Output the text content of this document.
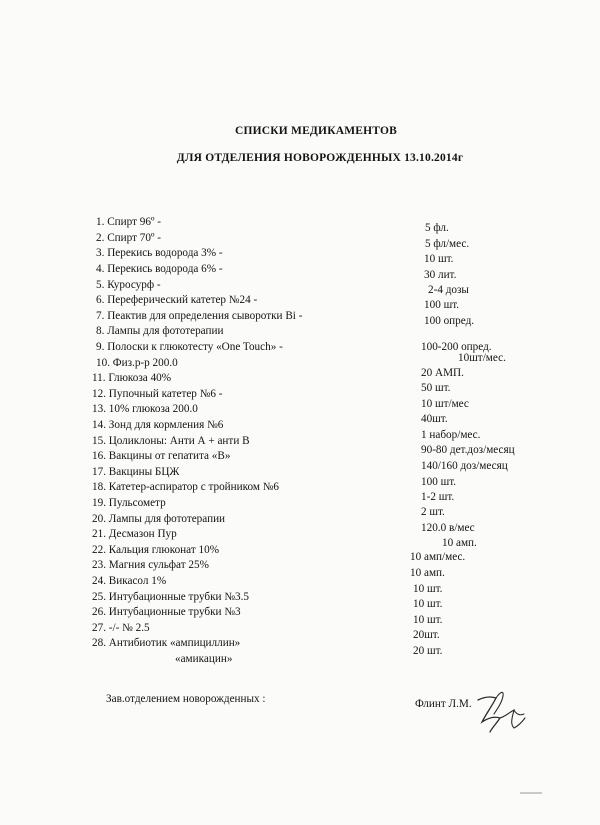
СПИСКИ МЕДИКАМЕНТОВ
ДЛЯ ОТДЕЛЕНИЯ НОВОРОЖДЕННЫХ 13.10.2014г
1. Спирт 96º -
2. Спирт 70º -
3. Перекись водорода 3% -
4. Перекись водорода 6% -
5. Куросурф -
6. Переферический катетер №24 -
7. Пеактив для определения сыворотки Bi -
8. Лампы для фототерапии
9. Полоски к глюкотесту «One Touch» -
10. Физ.р-р 200.0
11. Глюкоза 40%
12. Пупочный катетер №6 -
13. 10% глюкоза 200.0
14. Зонд для кормления №6
15. Цоликлоны: Анти А + анти В
16. Вакцины от гепатита «В»
17. Вакцины БЦЖ
18. Катетер-аспиратор с тройником №6
19. Пульсометр
20. Лампы для фототерапии
21. Десмазон Пур
22. Кальция глюконат 10%
23. Магния сульфат 25%
24. Викасол 1%
25. Интубационные трубки №3.5
26. Интубационные трубки №3
27. -/- № 2.5
28. Антибиотик «ампициллин»
«амикацин»
5 фл.
5 фл/мес.
10 шт.
30 лит.
2-4 дозы
100 шт.
100 опред.
100-200 опред.
10шт/мес.
20 АМП.
50 шт.
10 шт/мес
40шт.
1 набор/мес.
90-80 дет.доз/месяц
140/160 доз/месяц
100 шт.
1-2 шт.
2 шт.
120.0 в/мес
10 амп.
10 амп/мес.
10 амп.
10 шт.
10 шт.
10 шт.
20шт.
20 шт.
Зав.отделением новорожденных :	Флинт Л.М.
